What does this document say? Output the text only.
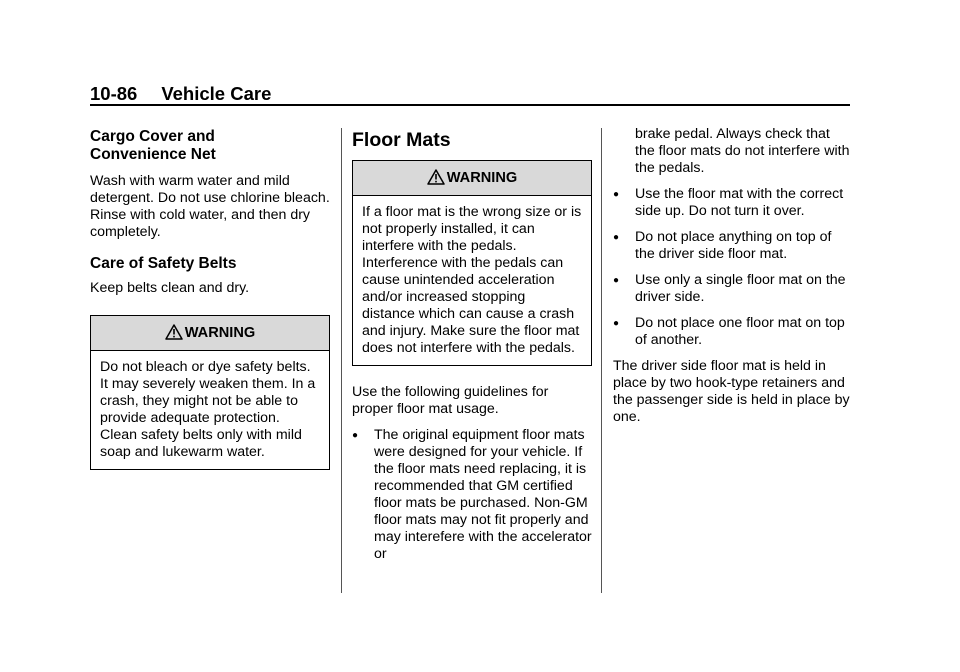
10-86 Vehicle Care
Cargo Cover and
Convenience Net

Wash with warm water and mild detergent. Do not use chlorine bleach. Rinse with cold water, and then dry completely.

Care of Safety Belts

Keep belts clean and dry.

WARNING
Do not bleach or dye safety belts. It may severely weaken them. In a crash, they might not be able to provide adequate protection. Clean safety belts only with mild soap and lukewarm water.
Floor Mats
WARNING
If a floor mat is the wrong size or is not properly installed, it can interfere with the pedals. Interference with the pedals can cause unintended acceleration and/or increased stopping distance which can cause a crash and injury. Make sure the floor mat does not interfere with the pedals.

Use the following guidelines for proper floor mat usage.

● The original equipment floor mats were designed for your vehicle. If the floor mats need replacing, it is recommended that GM certified floor mats be purchased. Non-GM floor mats may not fit properly and may interefere with the accelerator or

brake pedal. Always check that the floor mats do not interfere with the pedals.

● Use the floor mat with the correct side up. Do not turn it over.
● Do not place anything on top of the driver side floor mat.
● Use only a single floor mat on the driver side.
● Do not place one floor mat on top of another.

The driver side floor mat is held in place by two hook-type retainers and the passenger side is held in place by one.
